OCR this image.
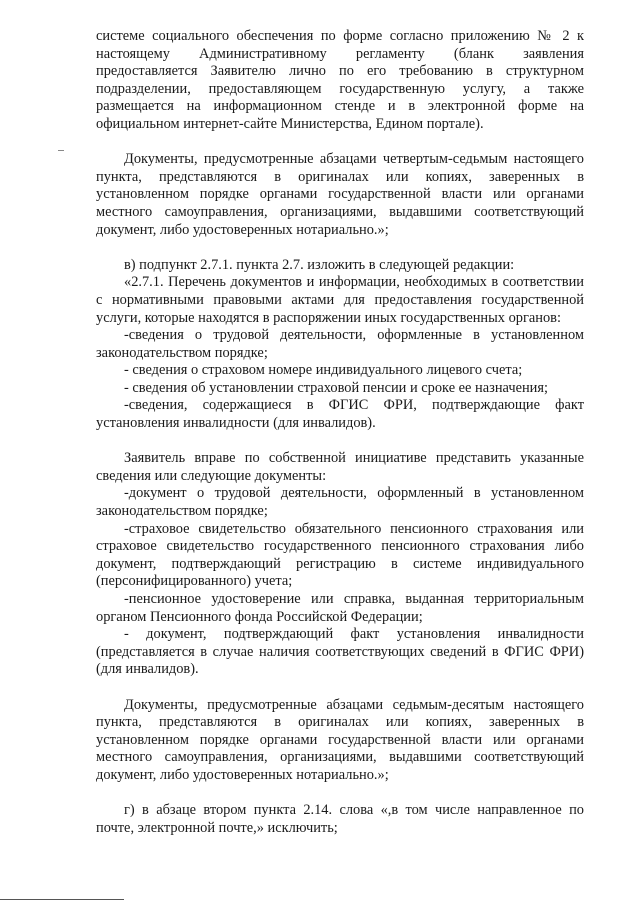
системе социального обеспечения по форме согласно приложению № 2 к настоящему Административному регламенту (бланк заявления предоставляется Заявителю лично по его требованию в структурном подразделении, предоставляющем государственную услугу, а также размещается на информационном стенде и в электронной форме на официальном интернет-сайте Министерства, Едином портале).

Документы, предусмотренные абзацами четвертым-седьмым настоящего пункта, представляются в оригиналах или копиях, заверенных в установленном порядке органами государственной власти или органами местного самоуправления, организациями, выдавшими соответствующий документ, либо удостоверенных нотариально.»;

в) подпункт 2.7.1. пункта 2.7. изложить в следующей редакции:

«2.7.1. Перечень документов и информации, необходимых в соответствии с нормативными правовыми актами для предоставления государственной услуги, которые находятся в распоряжении иных государственных органов:

-сведения о трудовой деятельности, оформленные в установленном законодательством порядке;

- сведения о страховом номере индивидуального лицевого счета;

- сведения об установлении страховой пенсии и сроке ее назначения;

-сведения, содержащиеся в ФГИС ФРИ, подтверждающие факт установления инвалидности (для инвалидов).

Заявитель вправе по собственной инициативе представить указанные сведения или следующие документы:

-документ о трудовой деятельности, оформленный в установленном законодательством порядке;

-страховое свидетельство обязательного пенсионного страхования или страховое свидетельство государственного пенсионного страхования либо документ, подтверждающий регистрацию в системе индивидуального (персонифицированного) учета;

-пенсионное удостоверение или справка, выданная территориальным органом Пенсионного фонда Российской Федерации;

- документ, подтверждающий факт установления инвалидности (представляется в случае наличия соответствующих сведений в ФГИС ФРИ) (для инвалидов).

Документы, предусмотренные абзацами седьмым-десятым настоящего пункта, представляются в оригиналах или копиях, заверенных в установленном порядке органами государственной власти или органами местного самоуправления, организациями, выдавшими соответствующий документ, либо удостоверенных нотариально.»;

г) в абзаце втором пункта 2.14. слова «,в том числе направленное по почте, электронной почте,» исключить;
